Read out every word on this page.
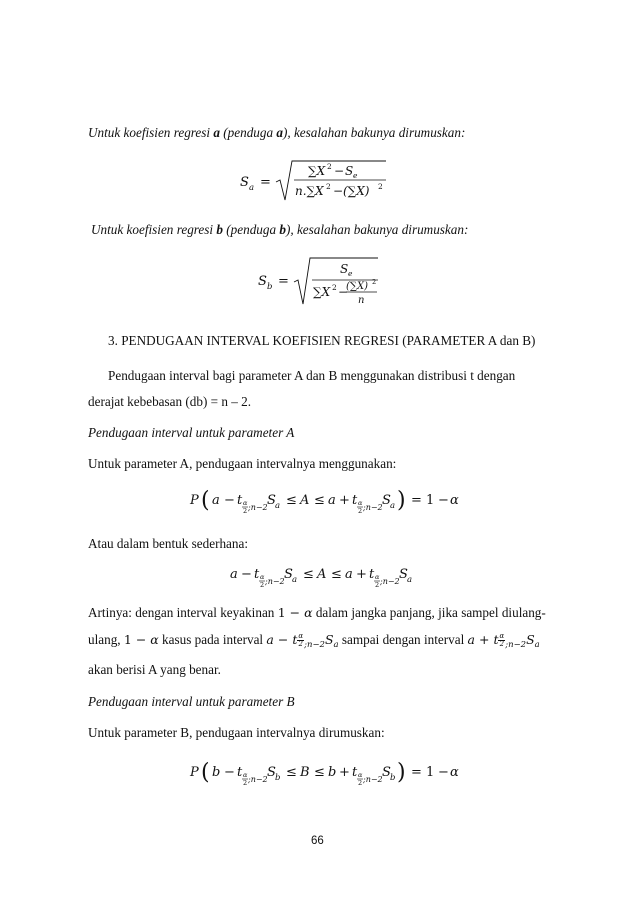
Untuk koefisien regresi a (penduga a), kesalahan bakunya dirumuskan:
S a =
∑X 2 − S e
n.∑X 2 − (∑X) 2
Untuk koefisien regresi b (penduga b), kesalahan bakunya dirumuskan:
S b =
S e
∑X 2 −
(∑X) 2
n
3. PENDUGAAN INTERVAL KOEFISIEN REGRESI (PARAMETER A dan B)
Pendugaan interval bagi parameter A dan B menggunakan distribusi t dengan
derajat kebebasan (db) = n – 2.
Pendugaan interval untuk parameter A
Untuk parameter A, pendugaan intervalnya menggunakan:
P ( a − t α
2 ;n−2 S a ≤ A ≤ a + t α
2 ;n−2 S a ) = 1 − α
Atau dalam bentuk sederhana:
a − t α
2 ;n−2 S a ≤ A ≤ a + t α
2 ;n−2 S a
Artinya: dengan interval keyakinan 1 − α dalam jangka panjang, jika sampel diulang-
ulang, 1 − α kasus pada interval a − t $\frac{\alpha}{2} _{;n-2}S_a$ sampai dengan interval a + t $\frac{\alpha}{2} _{;n-2}S_a$
akan berisi A yang benar.
Pendugaan interval untuk parameter B
Untuk parameter B, pendugaan intervalnya dirumuskan:
P ( b − t α
2 ;n−2 S b ≤ B ≤ b + t α
2 ;n−2 S b ) = 1 − α
66
